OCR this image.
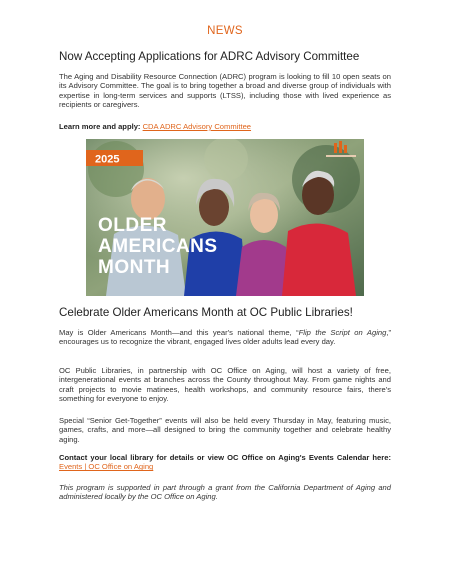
NEWS
Now Accepting Applications for ADRC Advisory Committee
The Aging and Disability Resource Connection (ADRC) program is looking to fill 10 open seats on its Advisory Committee. The goal is to bring together a broad and diverse group of individuals with expertise in long-term services and supports (LTSS), including those with lived experience as recipients or caregivers.
Learn more and apply: CDA ADRC Advisory Committee
2025
OLDER
AMERICANS
MONTH
Celebrate Older Americans Month at OC Public Libraries!
May is Older Americans Month—and this year's national theme, “Flip the Script on Aging,” encourages us to recognize the vibrant, engaged lives older adults lead every day.
OC Public Libraries, in partnership with OC Office on Aging, will host a variety of free, intergenerational events at branches across the County throughout May. From game nights and craft projects to movie matinees, health workshops, and community resource fairs, there's something for everyone to enjoy.
Special “Senior Get-Together” events will also be held every Thursday in May, featuring music, games, crafts, and more—all designed to bring the community together and celebrate healthy aging.
Contact your local library for details or view OC Office on Aging's Events Calendar here: Events | OC Office on Aging
This program is supported in part through a grant from the California Department of Aging and administered locally by the OC Office on Aging.
